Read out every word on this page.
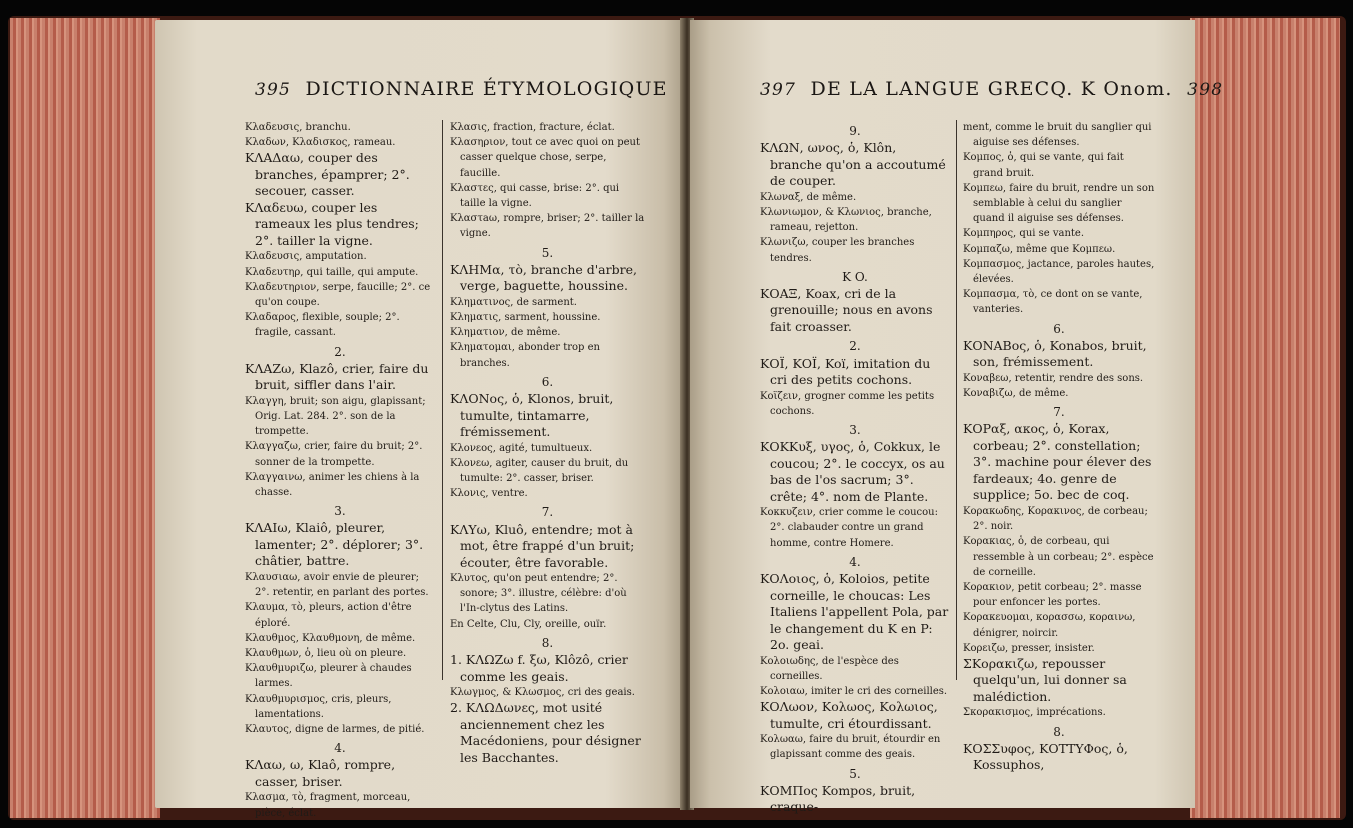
395 DICTIONNAIRE ÉTYMOLOGIQUE

Κλαδευσις, branchu.

Κλαδων, Κλαδισκος, rameau.

ΚΛΑΔαω, couper des branches, épamprer; 2°. secouer, casser.

ΚΛαδευω, couper les rameaux les plus tendres; 2°. tailler la vigne.

Κλαδευσις, amputation.

Κλαδευτηρ, qui taille, qui ampute.

Κλαδευτηριον, serpe, faucille; 2°. ce qu'on coupe.

Κλαδαρος, flexible, souple; 2°. fragile, cassant.

2.

ΚΛΑΖω, Klazô, crier, faire du bruit, siffler dans l'air.

Κλαγγη, bruit; son aigu, glapissant; Orig. Lat. 284. 2°. son de la trompette.

Κλαγγαζω, crier, faire du bruit; 2°. sonner de la trompette.

Κλαγγαινω, animer les chiens à la chasse.

3.

ΚΛΑΙω, Klaiô, pleurer, lamenter; 2°. déplorer; 3°. châtier, battre.

Κλαυσιαω, avoir envie de pleurer; 2°. retentir, en parlant des portes.

Κλαυμα, τὸ, pleurs, action d'être éploré.

Κλαυθμος, Κλαυθμονη, de même.

Κλαυθμων, ὁ, lieu où on pleure.

Κλαυθμυριζω, pleurer à chaudes larmes.

Κλαυθμυρισμος, cris, pleurs, lamentations.

Κλαυτος, digne de larmes, de pitié.

4.

ΚΛαω, ω, Klaô, rompre, casser, briser.

Κλασμα, τὸ, fragment, morceau, pièce, éclat.

Κλασις, fraction, fracture, éclat.

Κλασηριον, tout ce avec quoi on peut casser quelque chose, serpe, faucille.

Κλαστες, qui casse, brise: 2°. qui taille la vigne.

Κλαστaω, rompre, briser; 2°. tailler la vigne.

5.

ΚΛΗΜα, τὸ, branche d'arbre, verge, baguette, houssine.

Κληματινος, de sarment.

Κληματις, sarment, houssine.

Κληματιον, de même.

Κληματομαι, abonder trop en branches.

6.

ΚΛΟΝος, ὁ, Klonos, bruit, tumulte, tintamarre, frémissement.

Κλονεος, agité, tumultueux.

Κλονεω, agiter, causer du bruit, du tumulte: 2°. casser, briser.

Κλονις, ventre.

7.

ΚΛΥω, Kluô, entendre; mot à mot, être frappé d'un bruit; écouter, être favorable.

Κλυτος, qu'on peut entendre; 2°. sonore; 3°. illustre, célèbre: d'où l'In-clytus des Latins.

En Celte, Clu, Cly, oreille, ouïr.

8.

1. ΚΛΩΖω f. ξω, Klôzô, crier comme les geais.

Κλωγμος, & Κλωσμος, cri des geais.

2. ΚΛΩΔωνες, mot usité anciennement chez les Macédoniens, pour désigner les Bacchantes.

397 DE LA LANGUE GRECQ. K Onom. 398

9.

ΚΛΩΝ, ωνος, ὁ, Klôn, branche qu'on a accoutumé de couper.

Κλωναξ, de même.

Κλωνιωμον, & Κλωνιος, branche, rameau, rejetton.

Κλωνιζω, couper les branches tendres.

K O.

ΚΟΑΞ, Koax, cri de la grenouille; nous en avons fait croasser.

2.

ΚΟΪ, ΚΟΪ, Koï, imitation du cri des petits cochons.

Κοϊζειν, grogner comme les petits cochons.

3.

ΚΟΚΚυξ, υγος, ὁ, Cokkux, le coucou; 2°. le coccyx, os au bas de l'os sacrum; 3°. crête; 4°. nom de Plante.

Κοκκυζειν, crier comme le coucou: 2°. clabauder contre un grand homme, contre Homere.

4.

ΚΟΛοιος, ὁ, Koloios, petite corneille, le choucas: Les Italiens l'appellent Pola, par le changement du K en P: 2o. geai.

Κολοιωδης, de l'espèce des corneilles.

Κολοιαω, imiter le cri des corneilles.

ΚΟΛωον, Κολωος, Κολωιος, tumulte, cri étourdissant.

Κολωαω, faire du bruit, étourdir en glapissant comme des geais.

5.

ΚΟΜΠος Kompos, bruit, craque-

ment, comme le bruit du sanglier qui aiguise ses défenses.

Κομπος, ὁ, qui se vante, qui fait grand bruit.

Κομπεω, faire du bruit, rendre un son semblable à celui du sanglier quand il aiguise ses défenses.

Κομπηρος, qui se vante.

Κομπαζω, même que Κομπεω.

Κομπασμος, jactance, paroles hautes, élevées.

Κομπασμα, τὸ, ce dont on se vante, vanteries.

6.

ΚΟΝΑΒος, ὁ, Konabos, bruit, son, frémissement.

Κοναβεω, retentir, rendre des sons.

Κοναβιζω, de même.

7.

ΚΟΡαξ, ακος, ὁ, Korax, corbeau; 2°. constellation; 3°. machine pour élever des fardeaux; 4o. genre de supplice; 5o. bec de coq.

Κορακωδης, Κορακινος, de corbeau; 2°. noir.

Κορακιας, ὁ, de corbeau, qui ressemble à un corbeau; 2°. espèce de corneille.

Κορακιον, petit corbeau; 2°. masse pour enfoncer les portes.

Κορακευομαι, κορασσω, κοραινω, dénigrer, noircir.

Κορειζω, presser, insister.

ΣΚορακιζω, repousser quelqu'un, lui donner sa malédiction.

Σκορακισμος, imprécations.

8.

ΚΟΣΣυφος, ΚΟΤΤΥΦος, ὁ, Kossuphos,
